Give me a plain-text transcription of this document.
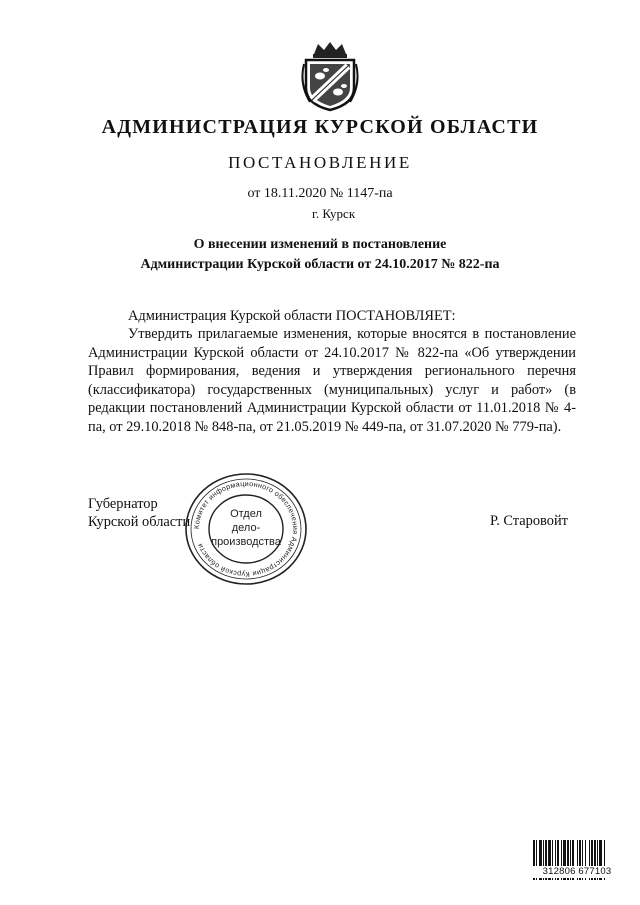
АДМИНИСТРАЦИЯ КУРСКОЙ ОБЛАСТИ
ПОСТАНОВЛЕНИЕ
от 18.11.2020 № 1147-па
г. Курск
О внесении изменений в постановление
Администрации Курской области от 24.10.2017 № 822-па
Администрация Курской области ПОСТАНОВЛЯЕТ:
Утвердить прилагаемые изменения, которые вносятся в постановление Администрации Курской области от 24.10.2017 № 822-па «Об утверждении Правил формирования, ведения и утверждения регионального перечня (классификатора) государственных (муниципальных) услуг и работ» (в редакции постановлений Администрации Курской области от 11.01.2018 № 4-па, от 29.10.2018 № 848-па, от 21.05.2019 № 449-па, от 31.07.2020 № 779-па).
Губернатор
Курской области	Р. Старовойт
Комитет информационного обеспечения Администрации Курской области
Отдел
дело-
производства
312806 677103
